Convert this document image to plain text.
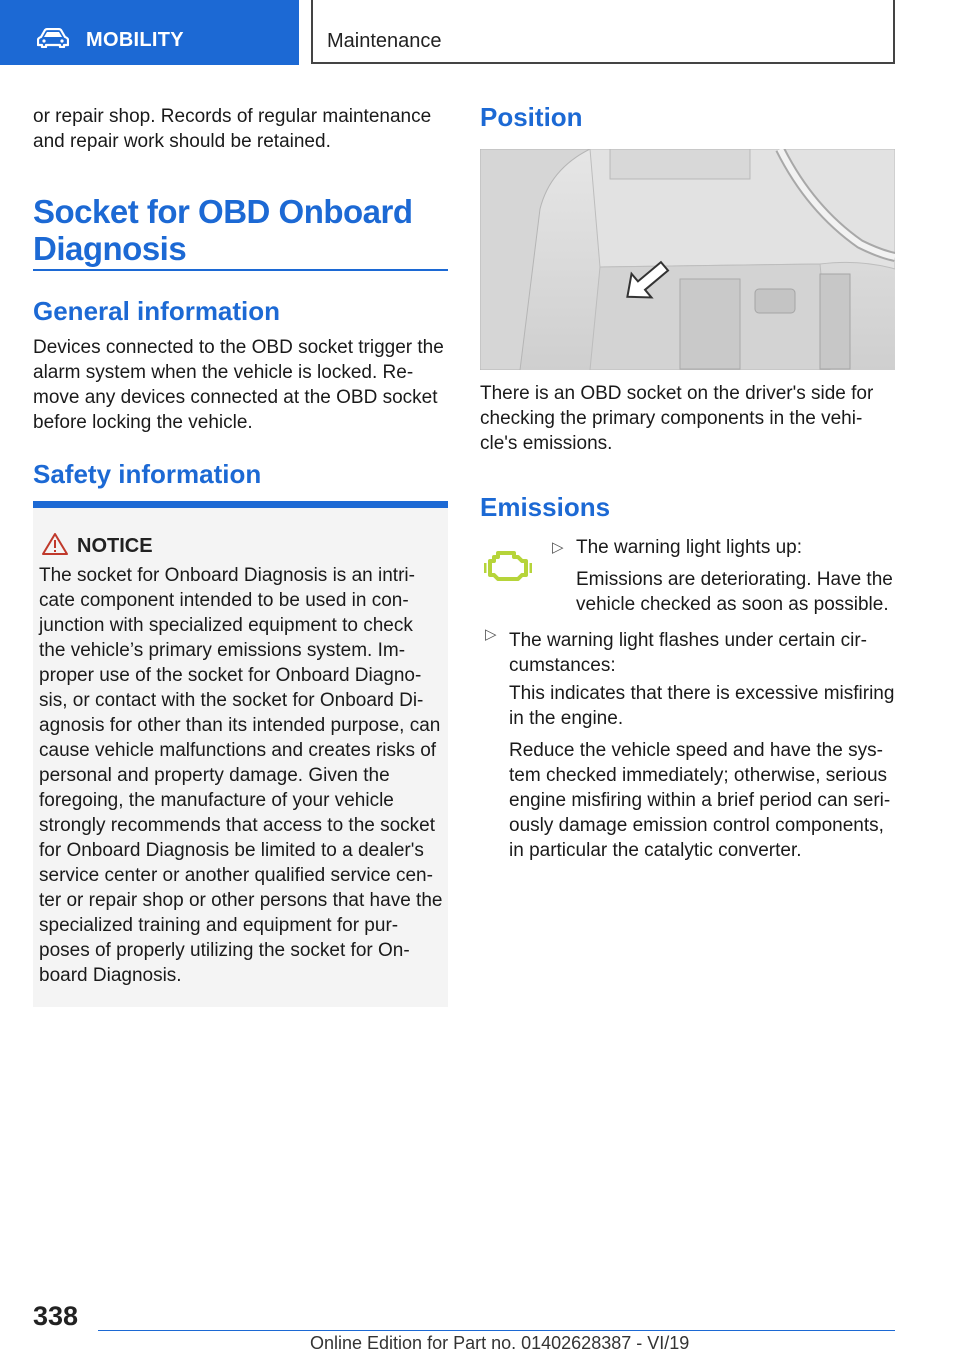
MOBILITY	Maintenance

or repair shop. Records of regular maintenance and repair work should be retained.

Socket for OBD Onboard Diagnosis
General information

Devices connected to the OBD socket trigger the alarm system when the vehicle is locked. Re- move any devices connected at the OBD socket before locking the vehicle.

Safety information
NOTICE

The socket for Onboard Diagnosis is an intri- cate component intended to be used in con- junction with specialized equipment to check the vehicle’s primary emissions system. Im- proper use of the socket for Onboard Diagno- sis, or contact with the socket for Onboard Di- agnosis for other than its intended purpose, can cause vehicle malfunctions and creates risks of personal and property damage. Given the foregoing, the manufacture of your vehicle strongly recommends that access to the socket for Onboard Diagnosis be limited to a dealer's service center or another qualified service cen- ter or repair shop or other persons that have the specialized training and equipment for pur- poses of properly utilizing the socket for On- board Diagnosis.

Position

There is an OBD socket on the driver's side for checking the primary components in the vehi- cle's emissions.

Emissions
▷ The warning light lights up:

Emissions are deteriorating. Have the vehicle checked as soon as possible.

▷ The warning light flashes under certain cir- cumstances:

This indicates that there is excessive misfiring in the engine.

Reduce the vehicle speed and have the sys- tem checked immediately; otherwise, serious engine misfiring within a brief period can seri- ously damage emission control components, in particular the catalytic converter.

338
Online Edition for Part no. 01402628387 - VI/19
